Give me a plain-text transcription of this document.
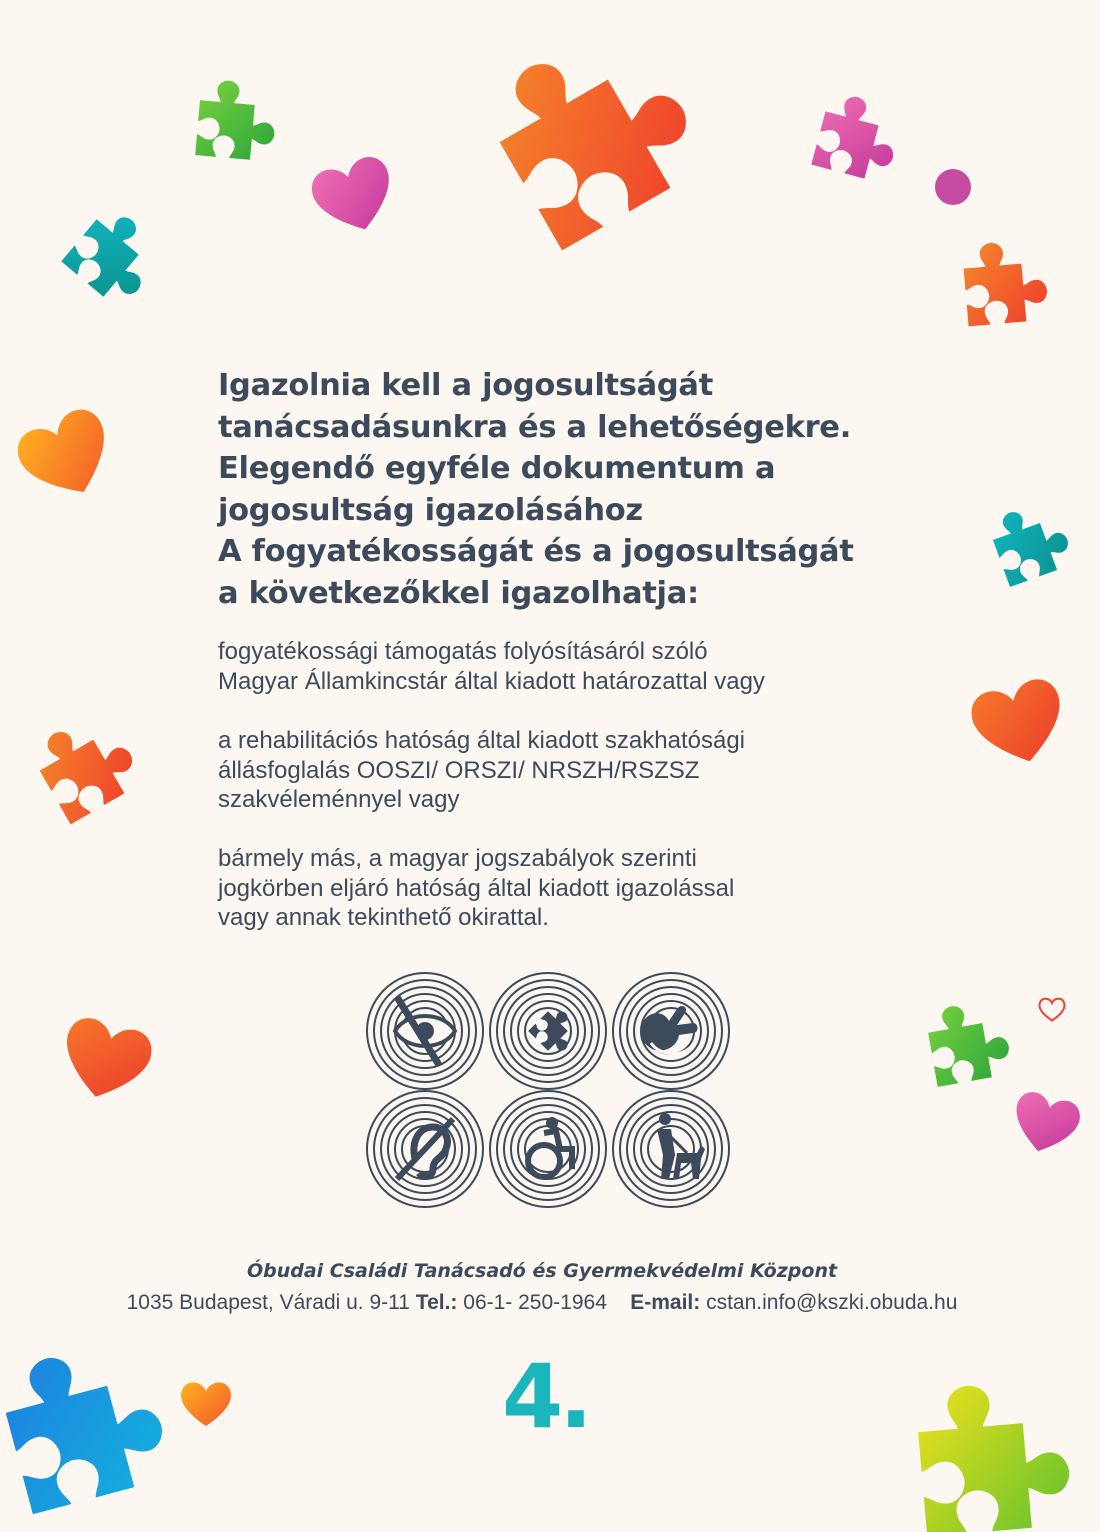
Igazolnia kell a jogosultságát
tanácsadásunkra és a lehetőségekre.
Elegendő egyféle dokumentum a
jogosultság igazolásához
A fogyatékosságát és a jogosultságát
a következőkkel igazolhatja:
fogyatékossági támogatás folyósításáról szóló
Magyar Államkincstár által kiadott határozattal vagy
a rehabilitációs hatóság által kiadott szakhatósági
állásfoglalás OOSZI/ ORSZI/ NRSZH/RSZSZ
szakvéleménnyel vagy
bármely más, a magyar jogszabályok szerinti
jogkörben eljáró hatóság által kiadott igazolással
vagy annak tekinthető okirattal.
Óbudai Családi Tanácsadó és Gyermekvédelmi Központ
1035 Budapest, Váradi u. 9-11 Tel.: 06-1- 250-1964 E-mail: cstan.info@kszki.obuda.hu
4.
